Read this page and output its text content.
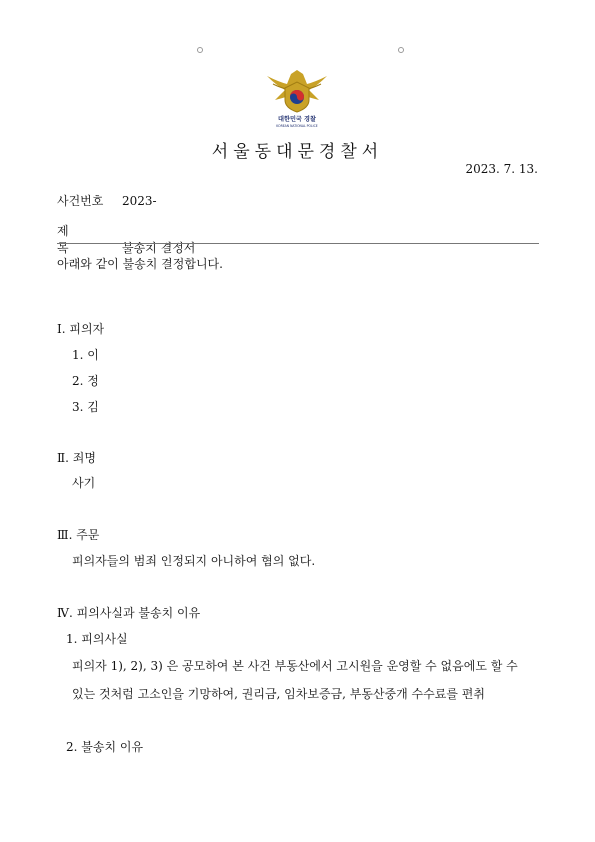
대한민국 경찰
KOREAN NATIONAL POLICE
서울동대문경찰서
2023. 7. 13.
사건번호 2023-
제 목	불송치 결정서
아래와 같이 불송치 결정합니다.
Ⅰ. 피의자
1. 이
2. 정
3. 김
Ⅱ. 죄명
사기
Ⅲ. 주문
피의자들의 범죄 인정되지 아니하여 혐의 없다.
Ⅳ. 피의사실과 불송치 이유
1. 피의사실
피의자 1), 2), 3) 은 공모하여 본 사건 부동산에서 고시원을 운영할 수 없음에도 할 수
있는 것처럼 고소인을 기망하여, 권리금, 임차보증금, 부동산중개 수수료를 편취
2. 불송치 이유
